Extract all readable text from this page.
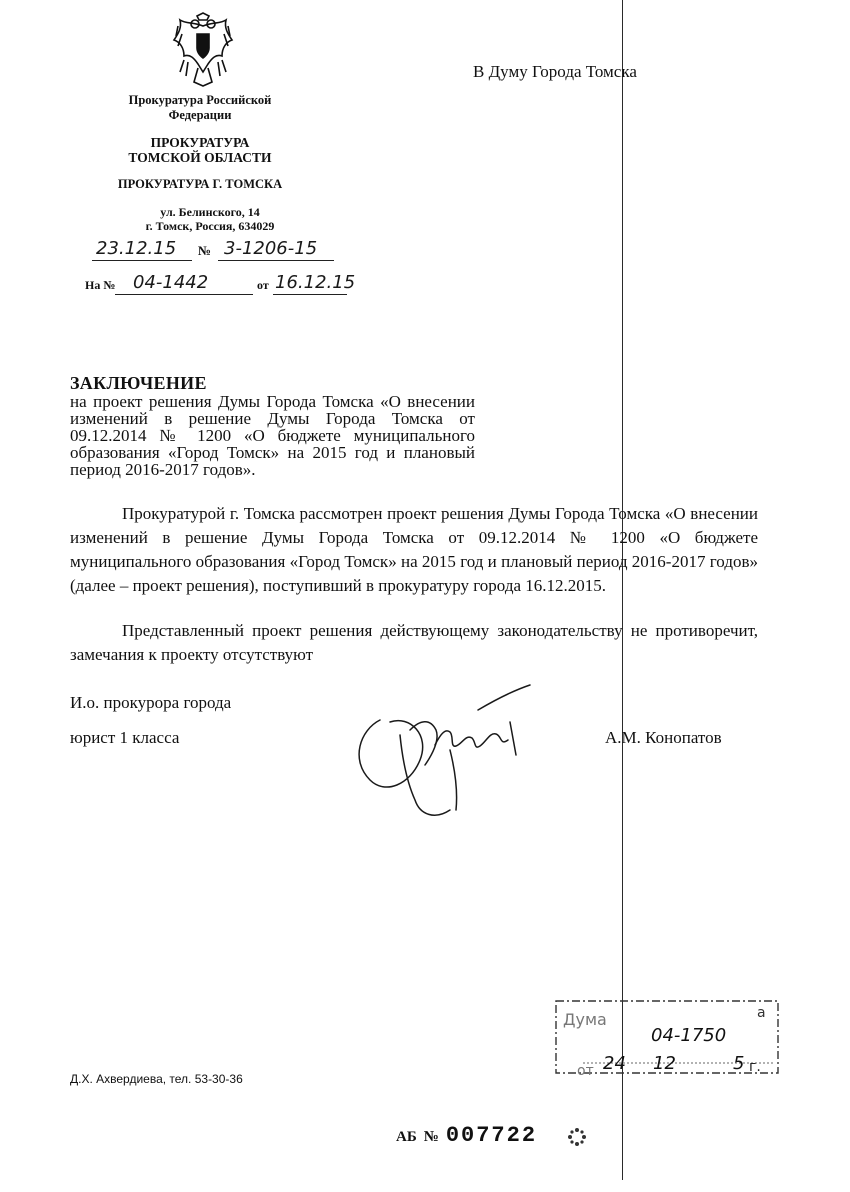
Прокуратура Российской
Федерации
ПРОКУРАТУРА
ТОМСКОЙ ОБЛАСТИ
ПРОКУРАТУРА Г. ТОМСКА
ул. Белинского, 14
г. Томск, Россия, 634029
23.12.15 № 3-1206-15
На № 04-1442	от 16.12.15
В Думу Города Томска
ЗАКЛЮЧЕНИЕ
на проект решения Думы Города Томска «О внесении изменений в решение Думы Города Томска от 09.12.2014 № 1200 «О бюджете муниципального образования «Город Томск» на 2015 год и плановый период 2016-2017 годов».
Прокуратурой г. Томска рассмотрен проект решения Думы Города Томска «О внесении изменений в решение Думы Города Томска от 09.12.2014 № 1200 «О бюджете муниципального образования «Город Томск» на 2015 год и плановый период 2016-2017 годов» (далее – проект решения), поступивший в прокуратуру города 16.12.2015.
Представленный проект решения действующему законодательству не противоречит, замечания к проекту отсутствуют
И.о. прокурора города
юрист 1 класса	А.М. Конопатов
Дума	а
04-1750
от 24 12	5 г.
Д.Х. Ахвердиева, тел. 53-30-36
АБ № 007722
